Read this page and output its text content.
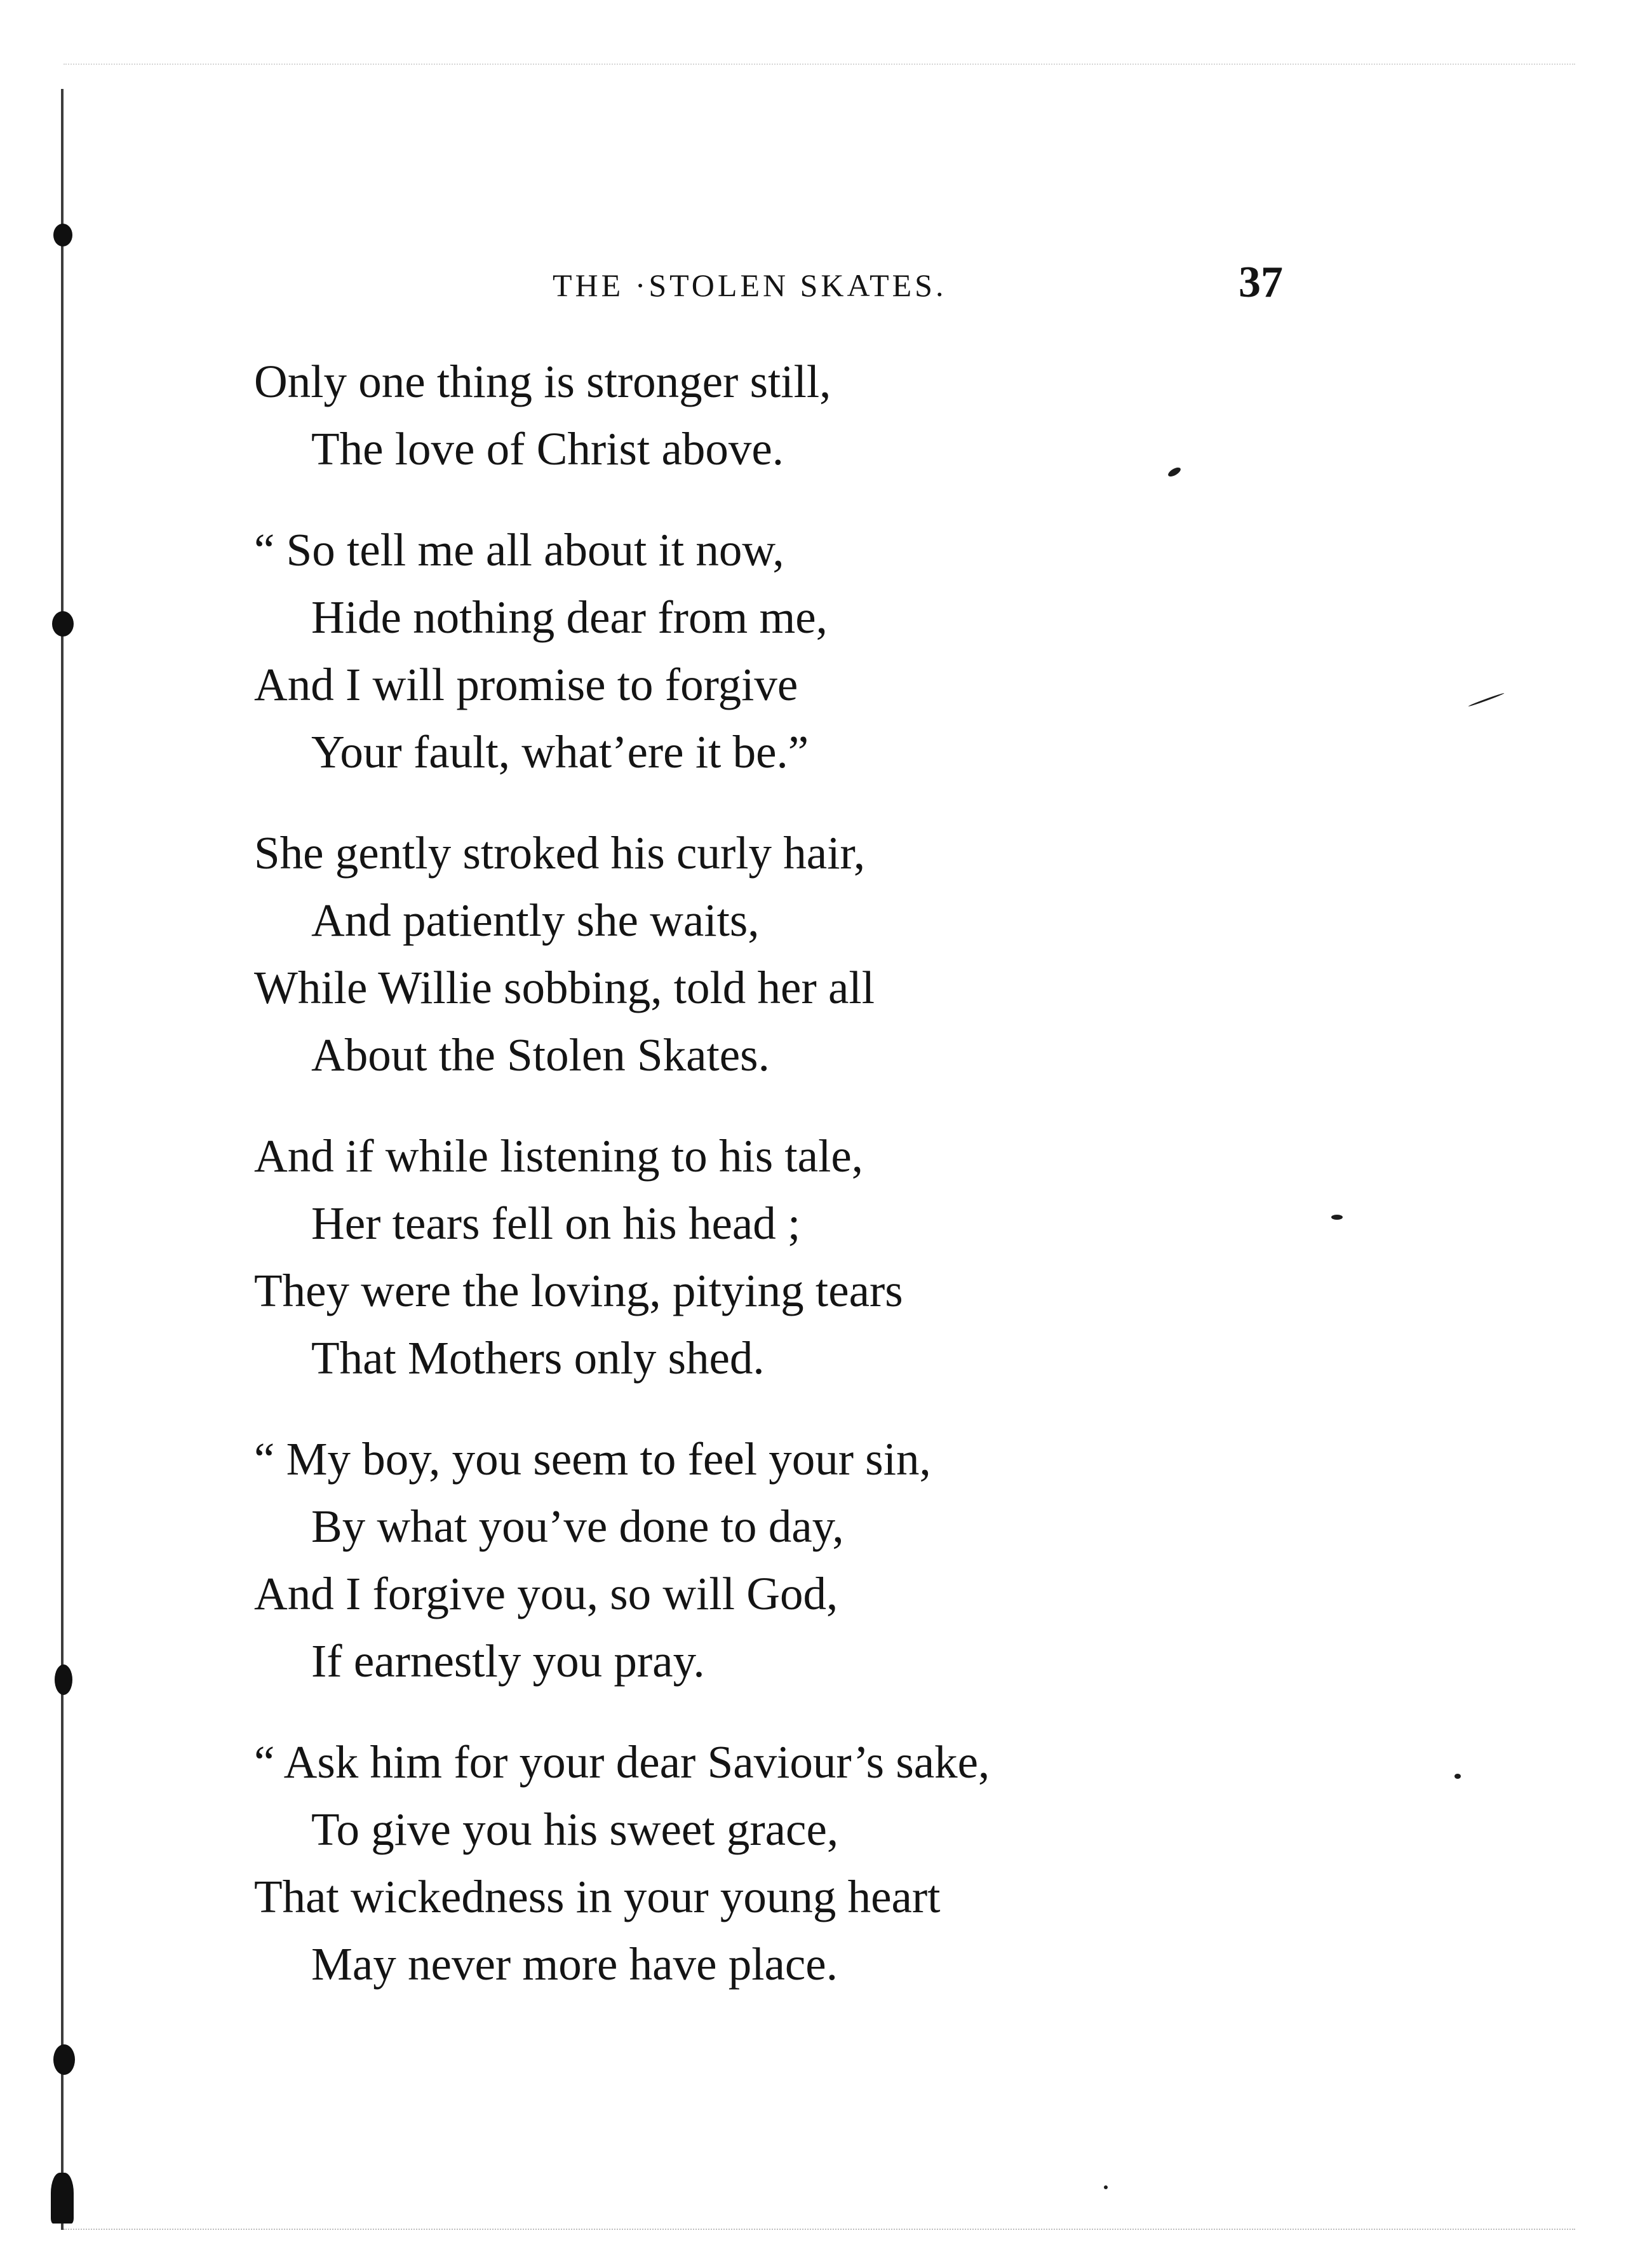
THE ·STOLEN SKATES.	37
Only one thing is stronger still,
The love of Christ above.
“ So tell me all about it now,
Hide nothing dear from me,
And I will promise to forgive
Your fault, what’ere it be.”
She gently stroked his curly hair,
And patiently she waits,
While Willie sobbing, told her all
About the Stolen Skates.
And if while listening to his tale,
Her tears fell on his head ;
They were the loving, pitying tears
That Mothers only shed.
“ My boy, you seem to feel your sin,
By what you’ve done to day,
And I forgive you, so will God,
If earnestly you pray.
“ Ask him for your dear Saviour’s sake,
To give you his sweet grace,
That wickedness in your young heart
May never more have place.
